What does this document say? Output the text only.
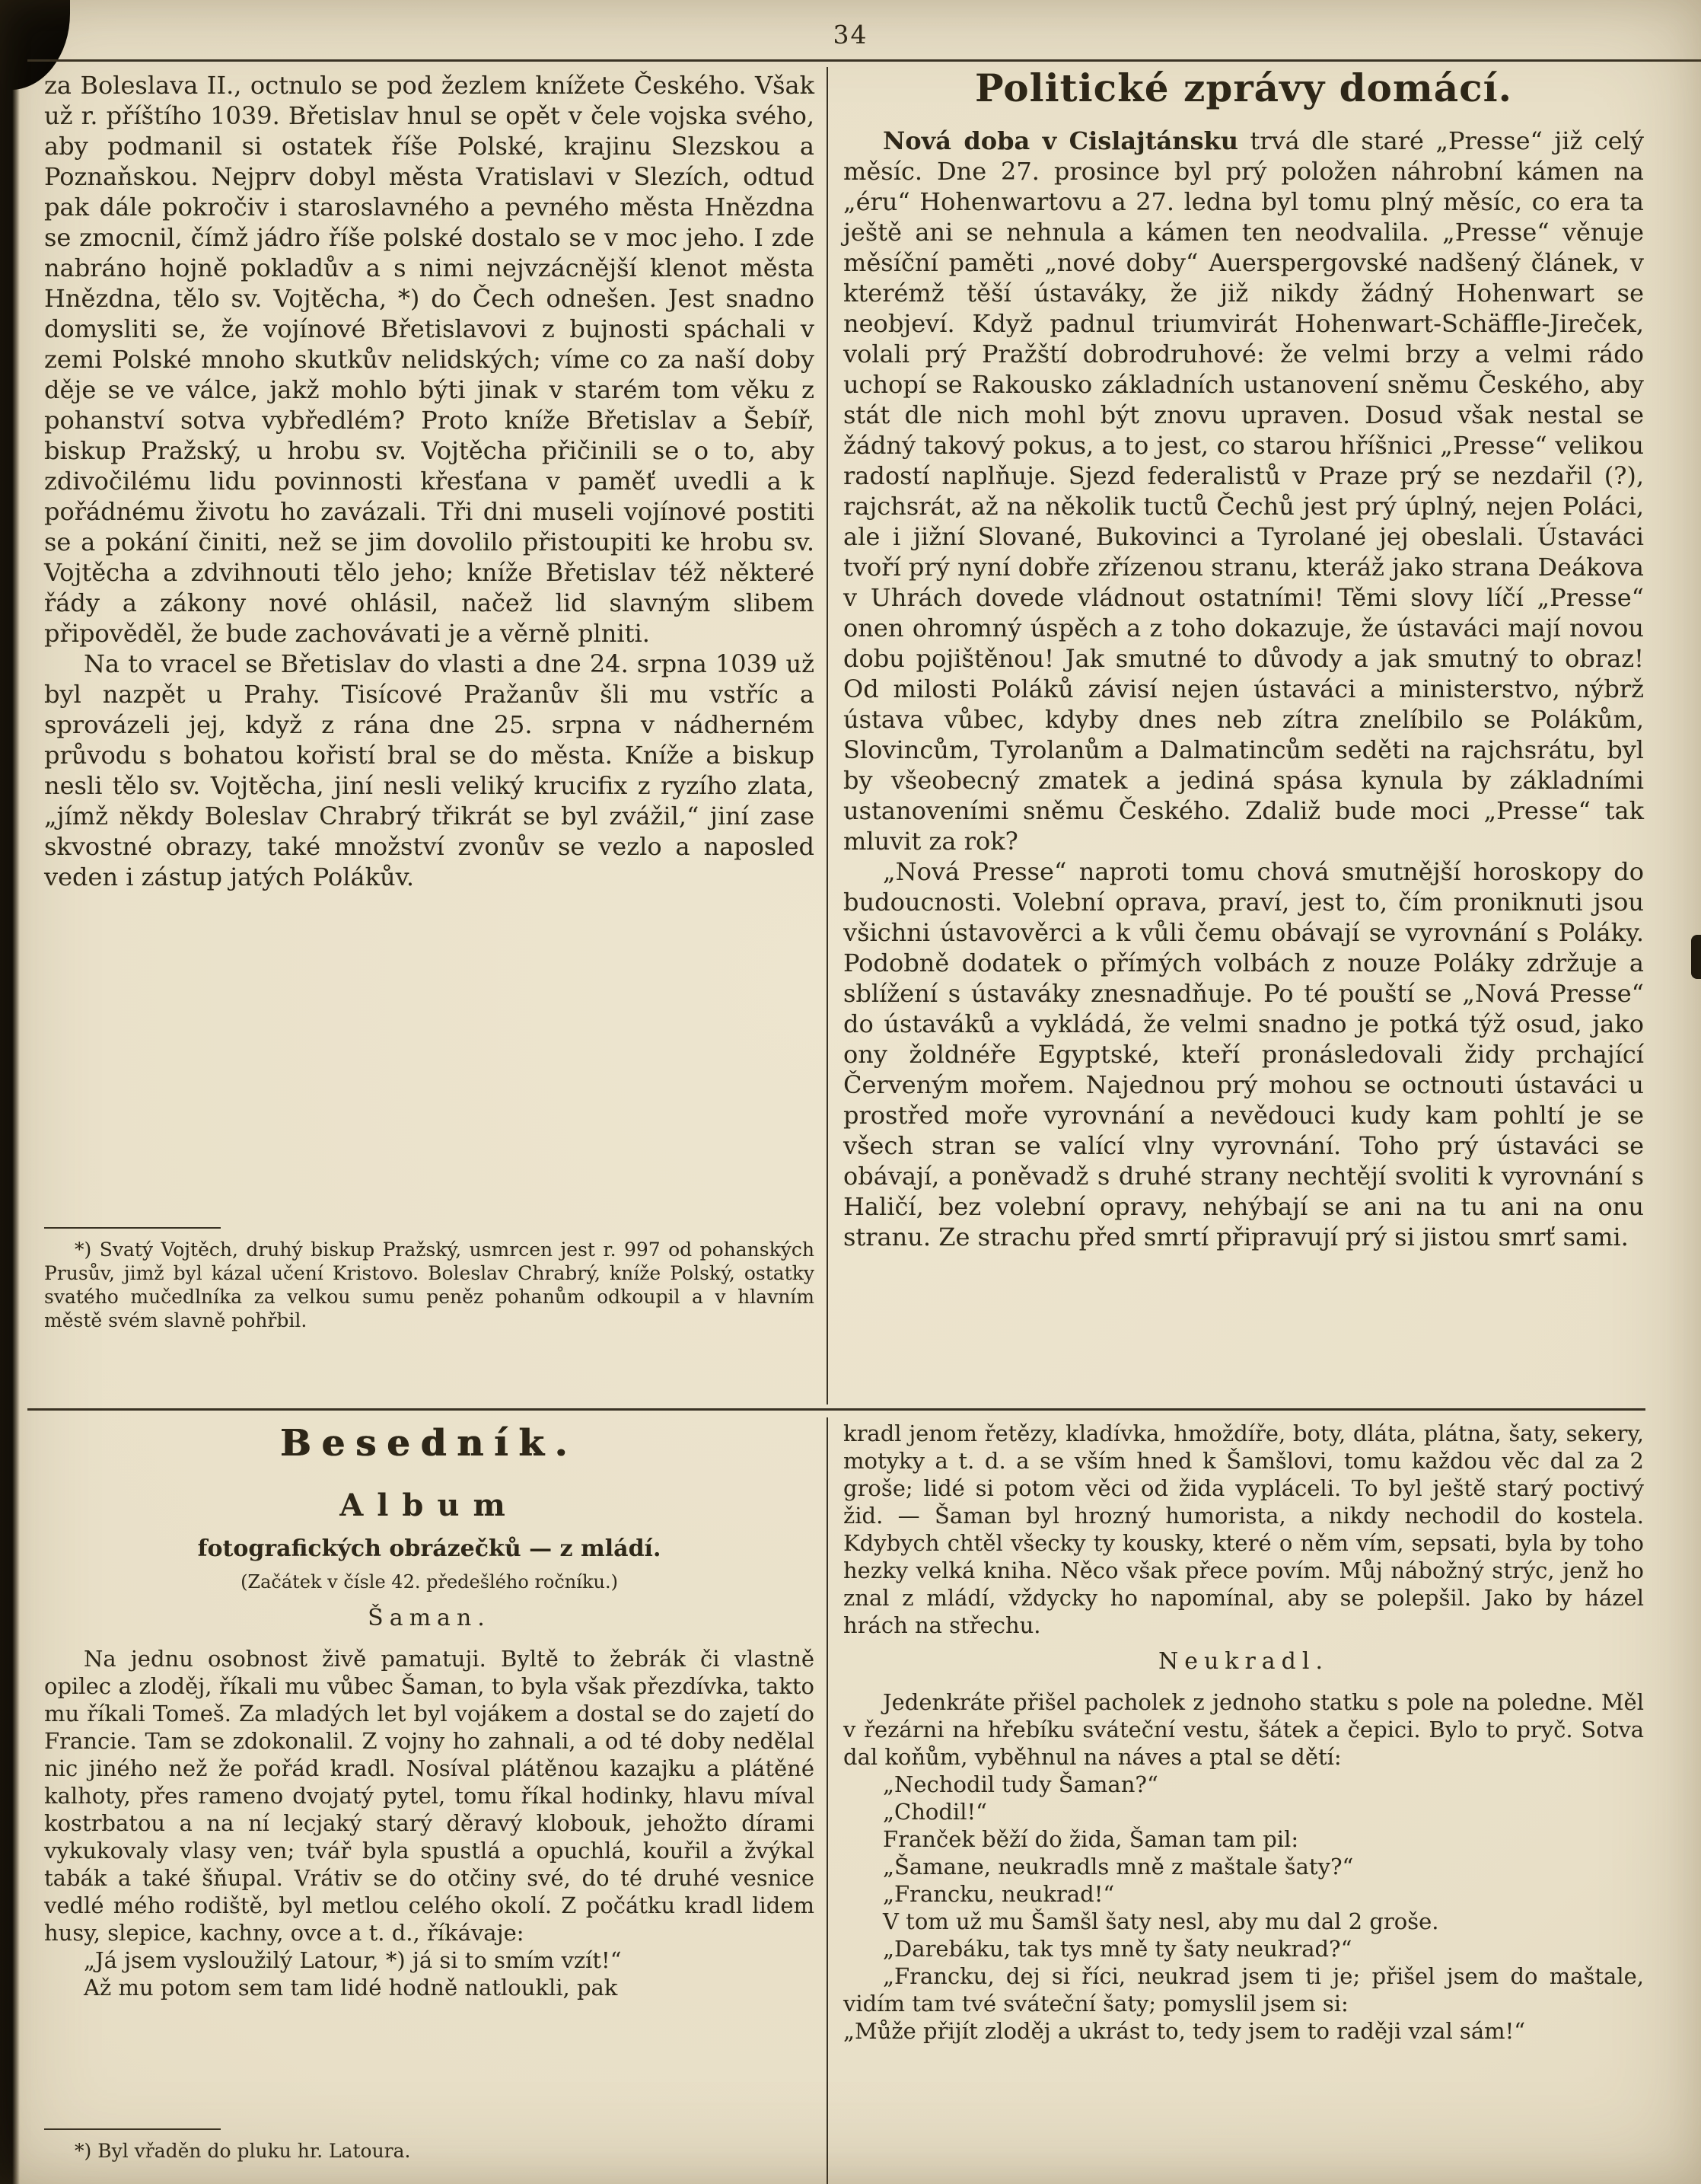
34

za Boleslava II., octnulo se pod žezlem knížete Českého. Však už r. příštího 1039. Břetislav hnul se opět v čele vojska svého, aby podmanil si ostatek říše Polské, krajinu Slezskou a Poznaňskou. Nejprv dobyl města Vratislavi v Slezích, odtud pak dále pokročiv i staroslavného a pevného města Hnězdna se zmocnil, čímž jádro říše polské dostalo se v moc jeho. I zde nabráno hojně pokladův a s nimi nejvzácnější klenot města Hnězdna, tělo sv. Vojtěcha, *) do Čech odnešen. Jest snadno domysliti se, že vojínové Břetislavovi z bujnosti spáchali v zemi Polské mnoho skutkův nelidských; víme co za naší doby děje se ve válce, jakž mohlo býti jinak v starém tom věku z pohanství sotva vybředlém? Proto kníže Břetislav a Šebíř, biskup Pražský, u hrobu sv. Vojtěcha přičinili se o to, aby zdivočilému lidu povinnosti křesťana v paměť uvedli a k pořádnému životu ho zavázali. Tři dni museli vojínové postiti se a pokání činiti, než se jim dovolilo přistoupiti ke hrobu sv. Vojtěcha a zdvihnouti tělo jeho; kníže Břetislav též některé řády a zákony nové ohlásil, načež lid slavným slibem připověděl, že bude zachovávati je a věrně plniti.

Na to vracel se Břetislav do vlasti a dne 24. srpna 1039 už byl nazpět u Prahy. Tisícové Pražanův šli mu vstříc a sprovázeli jej, když z rána dne 25. srpna v nádherném průvodu s bohatou kořistí bral se do města. Kníže a biskup nesli tělo sv. Vojtěcha, jiní nesli veliký krucifix z ryzího zlata, „jímž někdy Boleslav Chrabrý třikrát se byl zvážil,“ jiní zase skvostné obrazy, také množství zvonův se vezlo a naposled veden i zástup jatých Polákův.

*) Svatý Vojtěch, druhý biskup Pražský, usmrcen jest r. 997 od pohanských Prusův, jimž byl kázal učení Kristovo. Boleslav Chrabrý, kníže Polský, ostatky svatého mučedlníka za velkou sumu peněz pohanům odkoupil a v hlavním městě svém slavně pohřbil.

Politické zprávy domácí.

Nová doba v Cislajtánsku trvá dle staré „Presse“ již celý měsíc. Dne 27. prosince byl prý položen náhrobní kámen na „éru“ Hohenwartovu a 27. ledna byl tomu plný měsíc, co era ta ještě ani se nehnula a kámen ten neodvalila. „Presse“ věnuje měsíční paměti „nové doby“ Auerspergovské nadšený článek, v kterémž těší ústaváky, že již nikdy žádný Hohenwart se neobjeví. Když padnul triumvirát Hohenwart-Schäffle-Jireček, volali prý Pražští dobrodruhové: že velmi brzy a velmi rádo uchopí se Rakousko základních ustanovení sněmu Českého, aby stát dle nich mohl být znovu upraven. Dosud však nestal se žádný takový pokus, a to jest, co starou hříšnici „Presse“ velikou radostí naplňuje. Sjezd federalistů v Praze prý se nezdařil (?), rajchsrát, až na několik tuctů Čechů jest prý úplný, nejen Poláci, ale i jižní Slované, Bukovinci a Tyrolané jej obeslali. Ústaváci tvoří prý nyní dobře zřízenou stranu, kteráž jako strana Deákova v Uhrách dovede vládnout ostatními! Těmi slovy líčí „Presse“ onen ohromný úspěch a z toho dokazuje, že ústaváci mají novou dobu pojištěnou! Jak smutné to důvody a jak smutný to obraz! Od milosti Poláků závisí nejen ústaváci a ministerstvo, nýbrž ústava vůbec, kdyby dnes neb zítra znelíbilo se Polákům, Slovincům, Tyrolanům a Dalmatincům seděti na rajchsrátu, byl by všeobecný zmatek a jediná spása kynula by základními ustanoveními sněmu Českého. Zdaliž bude moci „Presse“ tak mluvit za rok?

„Nová Presse“ naproti tomu chová smutnější horoskopy do budoucnosti. Volební oprava, praví, jest to, čím proniknuti jsou všichni ústavověrci a k vůli čemu obávají se vyrovnání s Poláky. Podobně dodatek o přímých volbách z nouze Poláky zdržuje a sblížení s ústaváky znesnadňuje. Po té pouští se „Nová Presse“ do ústaváků a vykládá, že velmi snadno je potká týž osud, jako ony žoldnéře Egyptské, kteří pronásledovali židy prchající Červeným mořem. Najednou prý mohou se octnouti ústaváci u prostřed moře vyrovnání a nevědouci kudy kam pohltí je se všech stran se valící vlny vyrovnání. Toho prý ústaváci se obávají, a poněvadž s druhé strany nechtějí svoliti k vyrovnání s Haličí, bez volební opravy, nehýbají se ani na tu ani na onu stranu. Ze strachu před smrtí připravují prý si jistou smrť sami.

Besedník.
Album
fotografických obrázečků — z mládí.
(Začátek v čísle 42. předešlého ročníku.)
Šaman.

Na jednu osobnost živě pamatuji. Byltě to žebrák či vlastně opilec a zloděj, říkali mu vůbec Šaman, to byla však přezdívka, takto mu říkali Tomeš. Za mladých let byl vojákem a dostal se do zajetí do Francie. Tam se zdokonalil. Z vojny ho zahnali, a od té doby nedělal nic jiného než že pořád kradl. Nosíval plátěnou kazajku a plátěné kalhoty, přes rameno dvojatý pytel, tomu říkal hodinky, hlavu míval kostrbatou a na ní lecjaký starý děravý klobouk, jehožto dírami vykukovaly vlasy ven; tvář byla spustlá a opuchlá, kouřil a žvýkal tabák a také šňupal. Vrátiv se do otčiny své, do té druhé vesnice vedlé mého rodiště, byl metlou celého okolí. Z počátku kradl lidem husy, slepice, kachny, ovce a t. d., říkávaje:

„Já jsem vysloužilý Latour, *) já si to smím vzít!“

Až mu potom sem tam lidé hodně natloukli, pak

*) Byl vřaděn do pluku hr. Latoura.

kradl jenom řetězy, kladívka, hmoždíře, boty, dláta, plátna, šaty, sekery, motyky a t. d. a se vším hned k Šamšlovi, tomu každou věc dal za 2 groše; lidé si potom věci od žida vypláceli. To byl ještě starý poctivý žid. — Šaman byl hrozný humorista, a nikdy nechodil do kostela. Kdybych chtěl všecky ty kousky, které o něm vím, sepsati, byla by toho hezky velká kniha. Něco však přece povím. Můj nábožný strýc, jenž ho znal z mládí, vždycky ho napomínal, aby se polepšil. Jako by házel hrách na střechu.

Neukradl.

Jedenkráte přišel pacholek z jednoho statku s pole na poledne. Měl v řezárni na hřebíku sváteční vestu, šátek a čepici. Bylo to pryč. Sotva dal koňům, vyběhnul na náves a ptal se dětí:

„Nechodil tudy Šaman?“

„Chodil!“

Franček běží do žida, Šaman tam pil:

„Šamane, neukradls mně z maštale šaty?“

„Francku, neukrad!“

V tom už mu Šamšl šaty nesl, aby mu dal 2 groše.

„Darebáku, tak tys mně ty šaty neukrad?“

„Francku, dej si říci, neukrad jsem ti je; přišel jsem do maštale, vidím tam tvé sváteční šaty; pomyslil jsem si:

„Může přijít zloděj a ukrást to, tedy jsem to raději vzal sám!“
